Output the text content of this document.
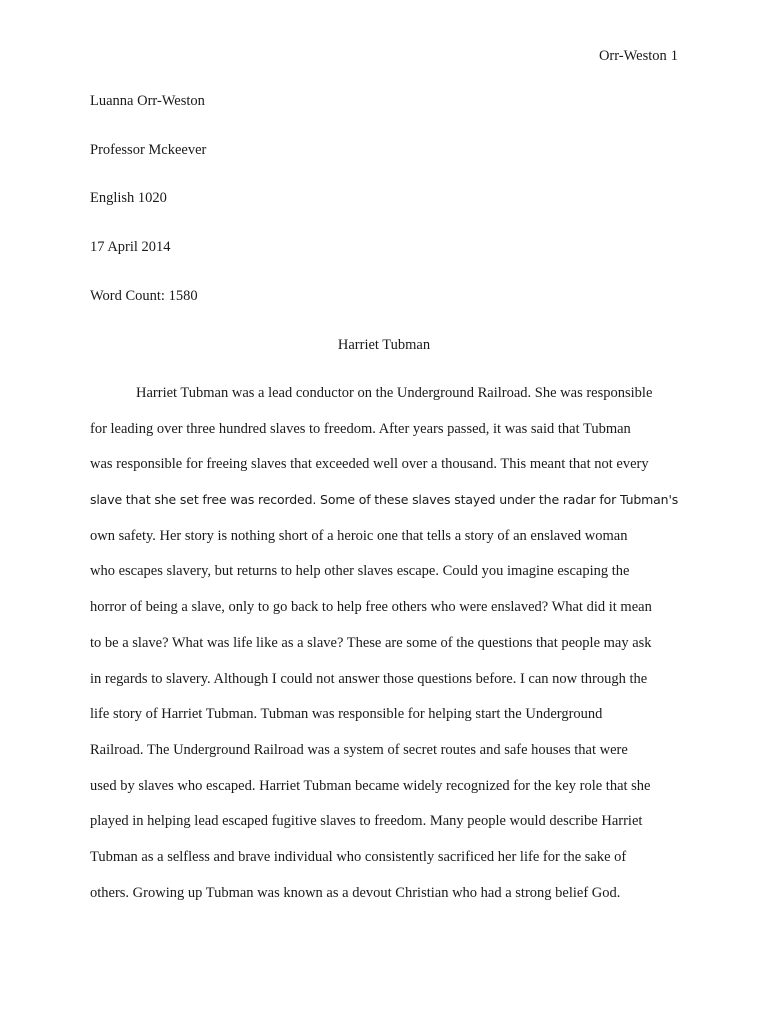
Orr-Weston 1
Luanna Orr-Weston
Professor Mckeever
English 1020
17 April 2014
Word Count: 1580
Harriet Tubman
Harriet Tubman was a lead conductor on the Underground Railroad. She was responsible
for leading over three hundred slaves to freedom. After years passed, it was said that Tubman
was responsible for freeing slaves that exceeded well over a thousand. This meant that not every
slave that she set free was recorded. Some of these slaves stayed under the radar for Tubman's
own safety. Her story is nothing short of a heroic one that tells a story of an enslaved woman
who escapes slavery, but returns to help other slaves escape. Could you imagine escaping the
horror of being a slave, only to go back to help free others who were enslaved? What did it mean
to be a slave? What was life like as a slave? These are some of the questions that people may ask
in regards to slavery. Although I could not answer those questions before. I can now through the
life story of Harriet Tubman. Tubman was responsible for helping start the Underground
Railroad. The Underground Railroad was a system of secret routes and safe houses that were
used by slaves who escaped. Harriet Tubman became widely recognized for the key role that she
played in helping lead escaped fugitive slaves to freedom. Many people would describe Harriet
Tubman as a selfless and brave individual who consistently sacrificed her life for the sake of
others. Growing up Tubman was known as a devout Christian who had a strong belief God.
